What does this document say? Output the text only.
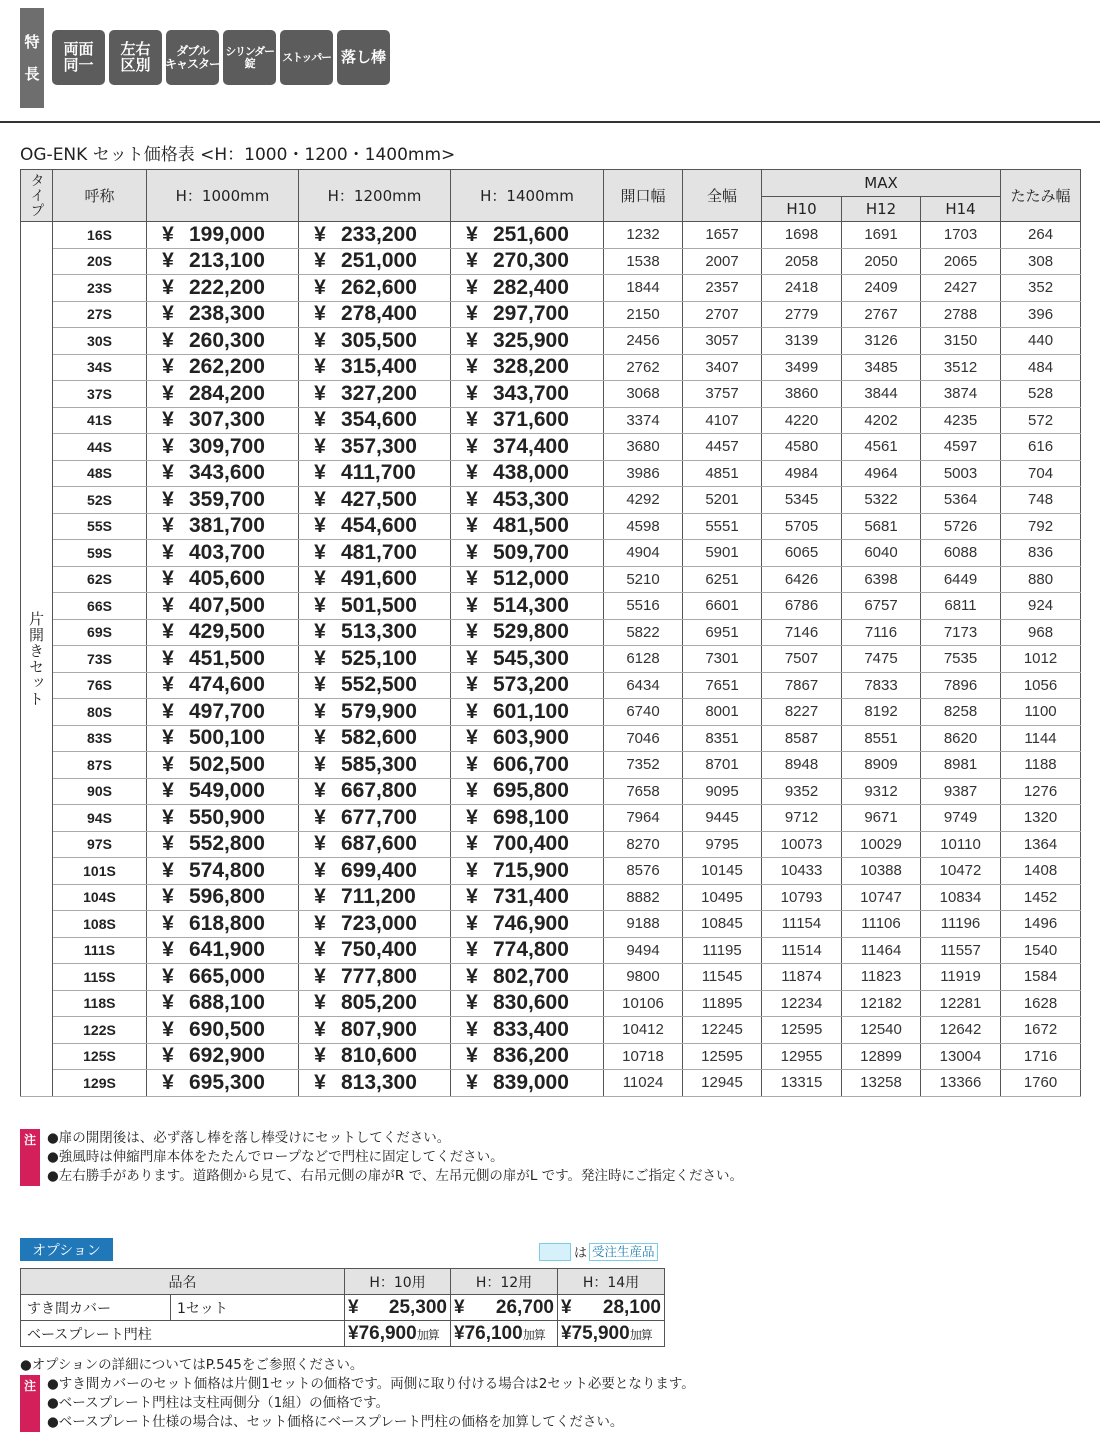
特
長
両面
同一
左右
区別
ダブル
キャスター
シリンダー
錠	ストッパー 落し棒
OG-ENK セット価格表 <H：1000・1200・1400mm>
タイプ	呼称	H：1000mm	H：1200mm	H：1400mm	開口幅	全幅	MAX			たたみ幅
							H10	H12	H14	

片開きセット	16S	¥ 199,000	¥ 233,200	¥ 251,600	1232	1657	1698	1691	1703	264
	20S	¥ 213,100	¥ 251,000	¥ 270,300	1538	2007	2058	2050	2065	308
	23S	¥ 222,200	¥ 262,600	¥ 282,400	1844	2357	2418	2409	2427	352
	27S	¥ 238,300	¥ 278,400	¥ 297,700	2150	2707	2779	2767	2788	396
	30S	¥ 260,300	¥ 305,500	¥ 325,900	2456	3057	3139	3126	3150	440
	34S	¥ 262,200	¥ 315,400	¥ 328,200	2762	3407	3499	3485	3512	484
	37S	¥ 284,200	¥ 327,200	¥ 343,700	3068	3757	3860	3844	3874	528
	41S	¥ 307,300	¥ 354,600	¥ 371,600	3374	4107	4220	4202	4235	572
	44S	¥ 309,700	¥ 357,300	¥ 374,400	3680	4457	4580	4561	4597	616
	48S	¥ 343,600	¥ 411,700	¥ 438,000	3986	4851	4984	4964	5003	704
	52S	¥ 359,700	¥ 427,500	¥ 453,300	4292	5201	5345	5322	5364	748
	55S	¥ 381,700	¥ 454,600	¥ 481,500	4598	5551	5705	5681	5726	792
	59S	¥ 403,700	¥ 481,700	¥ 509,700	4904	5901	6065	6040	6088	836
	62S	¥ 405,600	¥ 491,600	¥ 512,000	5210	6251	6426	6398	6449	880
	66S	¥ 407,500	¥ 501,500	¥ 514,300	5516	6601	6786	6757	6811	924
	69S	¥ 429,500	¥ 513,300	¥ 529,800	5822	6951	7146	7116	7173	968
	73S	¥ 451,500	¥ 525,100	¥ 545,300	6128	7301	7507	7475	7535	1012
	76S	¥ 474,600	¥ 552,500	¥ 573,200	6434	7651	7867	7833	7896	1056
	80S	¥ 497,700	¥ 579,900	¥ 601,100	6740	8001	8227	8192	8258	1100
	83S	¥ 500,100	¥ 582,600	¥ 603,900	7046	8351	8587	8551	8620	1144
	87S	¥ 502,500	¥ 585,300	¥ 606,700	7352	8701	8948	8909	8981	1188
	90S	¥ 549,000	¥ 667,800	¥ 695,800	7658	9095	9352	9312	9387	1276
	94S	¥ 550,900	¥ 677,700	¥ 698,100	7964	9445	9712	9671	9749	1320
	97S	¥ 552,800	¥ 687,600	¥ 700,400	8270	9795	10073	10029	10110	1364
	101S	¥ 574,800	¥ 699,400	¥ 715,900	8576	10145	10433	10388	10472	1408
	104S	¥ 596,800	¥ 711,200	¥ 731,400	8882	10495	10793	10747	10834	1452
	108S	¥ 618,800	¥ 723,000	¥ 746,900	9188	10845	11154	11106	11196	1496
	111S	¥ 641,900	¥ 750,400	¥ 774,800	9494	11195	11514	11464	11557	1540
	115S	¥ 665,000	¥ 777,800	¥ 802,700	9800	11545	11874	11823	11919	1584
	118S	¥ 688,100	¥ 805,200	¥ 830,600	10106	11895	12234	12182	12281	1628
	122S	¥ 690,500	¥ 807,900	¥ 833,400	10412	12245	12595	12540	12642	1672
	125S	¥ 692,900	¥ 810,600	¥ 836,200	10718	12595	12955	12899	13004	1716
	129S	¥ 695,300	¥ 813,300	¥ 839,000	11024	12945	13315	13258	13366	1760
注 ●扉の開閉後は、必ず落し棒を落し棒受けにセットしてください。
●強風時は伸縮門扉本体をたたんでロープなどで門柱に固定してください。
●左右勝手があります。道路側から見て、右吊元側の扉がR で、左吊元側の扉がL です。発注時にご指定ください。
オプション	は 受注生産品
品名		H：10用	H：12用	H：14用
すき間カバー	1セット	¥ 25,300	¥ 26,700	¥ 28,100

ベースプレート門柱		¥76,900加算	¥76,100加算	¥75,900加算
●オプションの詳細についてはP.545をご参照ください。
注 ●すき間カバーのセット価格は片側1セットの価格です。両側に取り付ける場合は2セット必要となります。
●ベースプレート門柱は支柱両側分（1組）の価格です。
●ベースプレート仕様の場合は、セット価格にベースプレート門柱の価格を加算してください。
